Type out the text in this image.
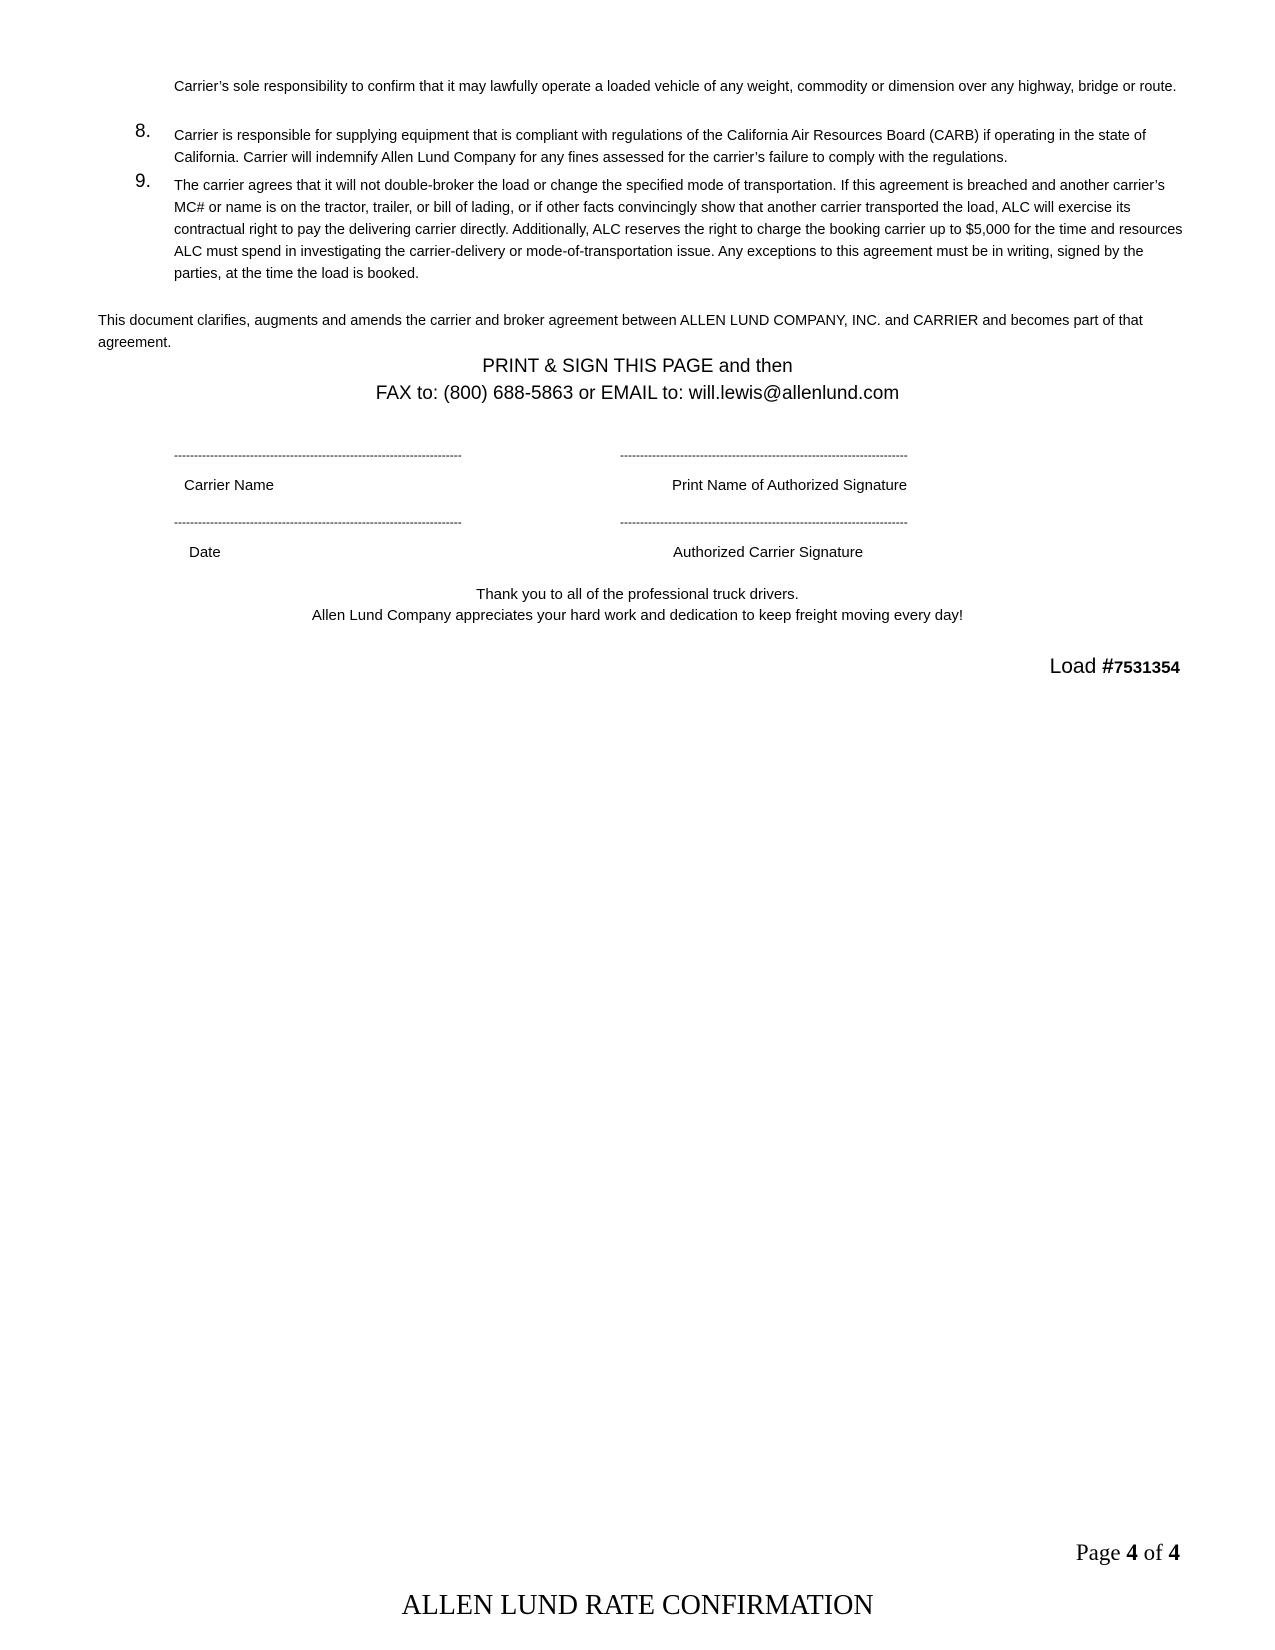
Carrier’s sole responsibility to confirm that it may lawfully operate a loaded vehicle of any weight, commodity or dimension over any highway, bridge or route.
8. Carrier is responsible for supplying equipment that is compliant with regulations of the California Air Resources Board (CARB) if operating in the state of California. Carrier will indemnify Allen Lund Company for any fines assessed for the carrier’s failure to comply with the regulations.
9. The carrier agrees that it will not double-broker the load or change the specified mode of transportation. If this agreement is breached and another carrier’s MC# or name is on the tractor, trailer, or bill of lading, or if other facts convincingly show that another carrier transported the load, ALC will exercise its contractual right to pay the delivering carrier directly. Additionally, ALC reserves the right to charge the booking carrier up to $5,000 for the time and resources ALC must spend in investigating the carrier-delivery or mode-of-transportation issue. Any exceptions to this agreement must be in writing, signed by the parties, at the time the load is booked.
This document clarifies, augments and amends the carrier and broker agreement between ALLEN LUND COMPANY, INC. and CARRIER and becomes part of that agreement.
PRINT & SIGN THIS PAGE and then
FAX to: (800) 688-5863 or EMAIL to: will.lewis@allenlund.com
------------------------------------------------------------------------	------------------------------------------------------------------------
Carrier Name	Print Name of Authorized Signature
------------------------------------------------------------------------	------------------------------------------------------------------------
Date	Authorized Carrier Signature
Thank you to all of the professional truck drivers.
Allen Lund Company appreciates your hard work and dedication to keep freight moving every day!
Load #7531354
Page 4 of 4
ALLEN LUND RATE CONFIRMATION
